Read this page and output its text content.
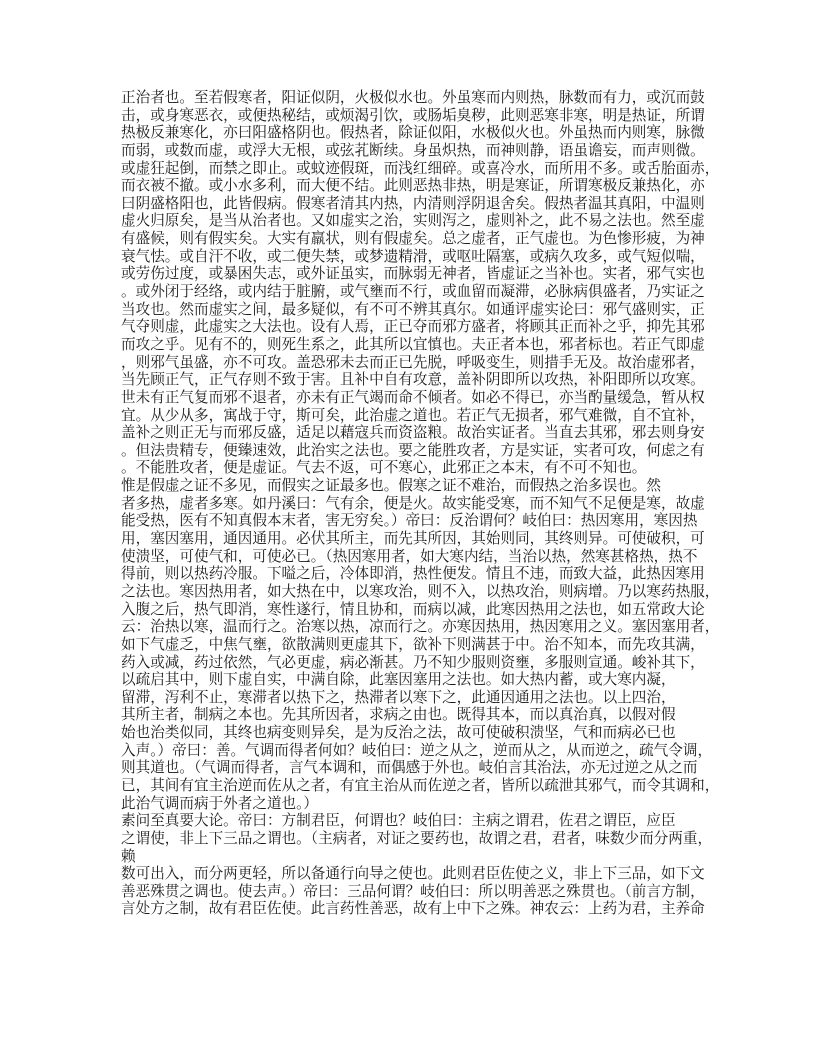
正治者也。至若假寒者，阳证似阴，火极似水也。外虽寒而内则热，脉数而有力，或沉而鼓
击，或身寒恶衣，或便热秘结，或烦渴引饮，或肠垢臭秽，此则恶寒非寒，明是热证，所谓
热极反兼寒化，亦曰阳盛格阴也。假热者，除证似阳，水极似火也。外虽热而内则寒，脉微
而弱，或数而虚，或浮大无根，或弦芤断续。身虽炽热，而神则静，语虽谵妄，而声则微。
或虚狂起倒，而禁之即止。或蚊迹假斑，而浅红细碎。或喜冷水，而所用不多。或舌胎面赤，
而衣被不撤。或小水多利，而大便不结。此则恶热非热，明是寒证，所谓寒极反兼热化，亦
曰阴盛格阳也，此皆假病。假寒者清其内热，内清则浮阴退舍矣。假热者温其真阳，中温则
虚火归原矣，是当从治者也。又如虚实之治，实则泻之，虚则补之，此不易之法也。然至虚
有盛候，则有假实矣。大实有羸状，则有假虚矣。总之虚者，正气虚也。为色惨形疲，为神
衰气怯。或自汗不收，或二便失禁，或梦遗精滑，或呕吐隔塞，或病久攻多，或气短似喘，
或劳伤过度，或暴困失志，或外证虽实，而脉弱无神者，皆虚证之当补也。实者，邪气实也
。或外闭于经络，或内结于脏腑，或气壅而不行，或血留而凝滞，必脉病俱盛者，乃实证之
当攻也。然而虚实之间，最多疑似，有不可不辨其真尔。如通评虚实论曰：邪气盛则实，正
气夺则虚，此虚实之大法也。设有人焉，正已夺而邪方盛者，将顾其正而补之乎，抑先其邪
而攻之乎。见有不的，则死生系之，此其所以宜慎也。夫正者本也，邪者标也。若正气即虚
，则邪气虽盛，亦不可攻。盖恐邪未去而正已先脱，呼吸变生，则措手无及。故治虚邪者，
当先顾正气，正气存则不致于害。且补中自有攻意，盖补阴即所以攻热，补阳即所以攻寒。
世未有正气复而邪不退者，亦未有正气竭而命不倾者。如必不得已，亦当酌量缓急，暂从权
宜。从少从多，寓战于守，斯可矣，此治虚之道也。若正气无损者，邪气难微，自不宜补，
盖补之则正无与而邪反盛，适足以藉寇兵而资盗粮。故治实证者。当直去其邪，邪去则身安
。但法贵精专，便臻速效，此治实之法也。要之能胜攻者，方是实证，实者可攻，何虑之有
。不能胜攻者，便是虚证。气去不返，可不寒心，此邪正之本末，有不可不知也。
惟是假虚之证不多见，而假实之证最多也。假寒之证不难治，而假热之治多误也。然
者多热，虚者多寒。如丹溪曰：气有余，便是火。故实能受寒，而不知气不足便是寒，故虚
能受热，医有不知真假本末者，害无穷矣。）帝曰：反治谓何？岐伯曰：热因寒用，寒因热
用，塞因塞用，通因通用。必伏其所主，而先其所因，其始则同，其终则异。可使破积，可
使溃坚，可使气和，可使必已。（热因寒用者，如大寒内结，当治以热，然寒甚格热，热不
得前，则以热药冷服。下嗌之后，冷体即消，热性便发。情且不违，而致大益，此热因寒用
之法也。寒因热用者，如大热在中，以寒攻治，则不入，以热攻治，则病增。乃以寒药热服，
入腹之后，热气即消，寒性遂行，情且协和，而病以减，此寒因热用之法也，如五常政大论
云：治热以寒，温而行之。治寒以热，凉而行之。亦寒因热用，热因寒用之义。塞因塞用者，
如下气虚乏，中焦气壅，欲散满则更虚其下，欲补下则满甚于中。治不知本，而先攻其满，
药入或减，药过依然，气必更虚，病必渐甚。乃不知少服则资壅，多服则宣通。峻补其下，
以疏启其中，则下虚自实，中满自除，此塞因塞用之法也。如大热内蓄，或大寒内凝，
留滞，泻利不止，寒滞者以热下之，热滞者以寒下之，此通因通用之法也。以上四治，
其所主者，制病之本也。先其所因者，求病之由也。既得其本，而以真治真，以假对假
始也治类似同，其终也病变则异矣，是为反治之法，故可使破积溃坚，气和而病必已也
入声。）帝曰：善。气调而得者何如？岐伯曰：逆之从之，逆而从之，从而逆之，疏气令调，
则其道也。（气调而得者，言气本调和，而偶感于外也。岐伯言其治法，亦无过逆之从之而
已，其间有宜主治逆而佐从之者，有宜主治从而佐逆之者，皆所以疏泄其邪气，而令其调和，
此治气调而病于外者之道也。）
素问至真要大论。帝曰：方制君臣，何谓也？岐伯曰：主病之谓君，佐君之谓臣，应臣
之谓使，非上下三品之谓也。（主病者，对证之要药也，故谓之君，君者，味数少而分两重，
赖
数可出入，而分两更轻，所以备通行向导之使也。此则君臣佐使之义，非上下三品，如下文
善恶殊贯之调也。使去声。）帝曰：三品何谓？岐伯曰：所以明善恶之殊贯也。（前言方制，
言处方之制，故有君臣佐使。此言药性善恶，故有上中下之殊。神农云：上药为君，主养命
